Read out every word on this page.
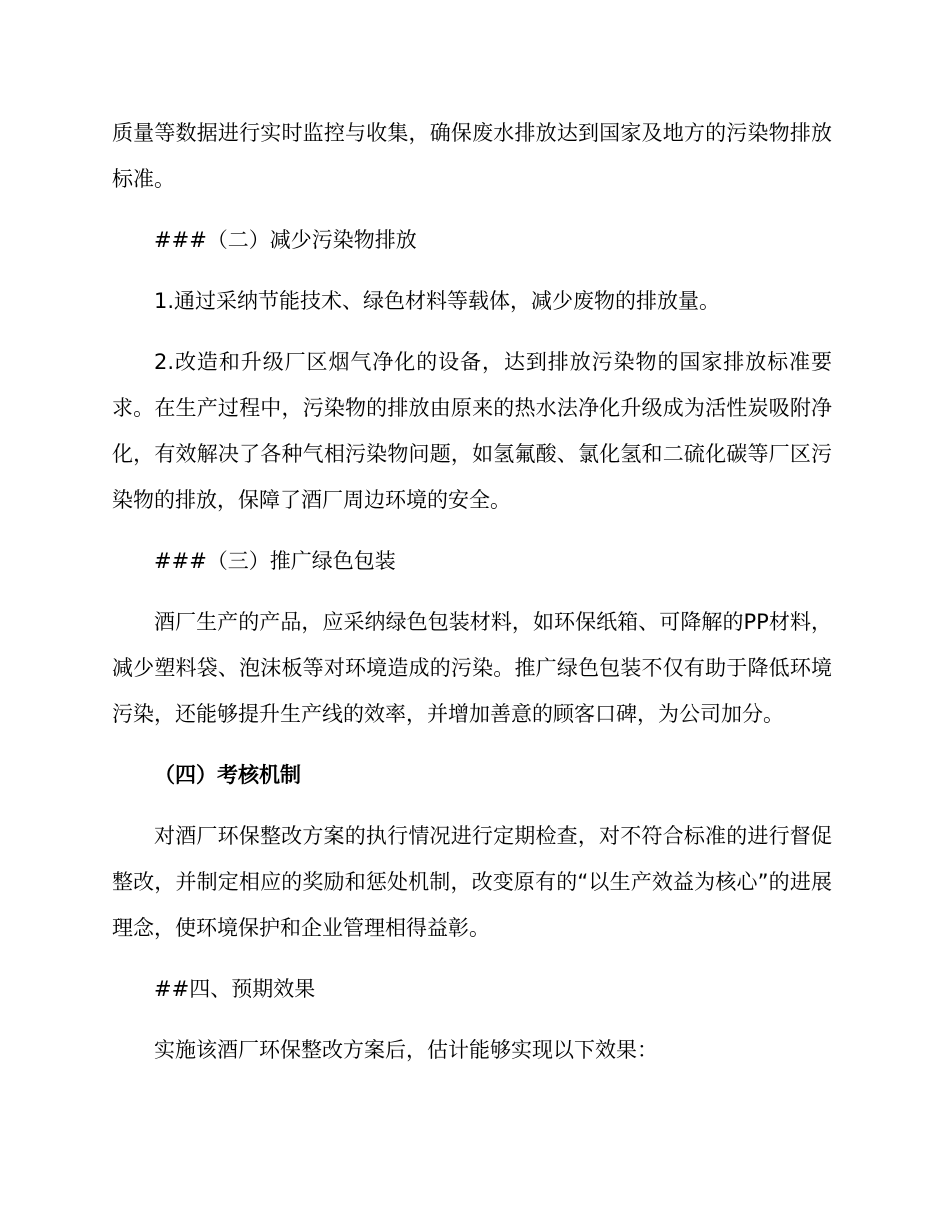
质量等数据进行实时监控与收集，确保废水排放达到国家及地方的污染物排放标准。

###（二）减少污染物排放

1.通过采纳节能技术、绿色材料等载体，减少废物的排放量。

2.改造和升级厂区烟气净化的设备，达到排放污染物的国家排放标准要求。在生产过程中，污染物的排放由原来的热水法净化升级成为活性炭吸附净化，有效解决了各种气相污染物问题，如氢氟酸、氯化氢和二硫化碳等厂区污染物的排放，保障了酒厂周边环境的安全。

###（三）推广绿色包装

酒厂生产的产品，应采纳绿色包装材料，如环保纸箱、可降解的PP材料，减少塑料袋、泡沫板等对环境造成的污染。推广绿色包装不仅有助于降低环境污染，还能够提升生产线的效率，并增加善意的顾客口碑，为公司加分。

（四）考核机制

对酒厂环保整改方案的执行情况进行定期检查，对不符合标准的进行督促整改，并制定相应的奖励和惩处机制，改变原有的“以生产效益为核心”的进展理念，使环境保护和企业管理相得益彰。

##四、预期效果

实施该酒厂环保整改方案后，估计能够实现以下效果：
